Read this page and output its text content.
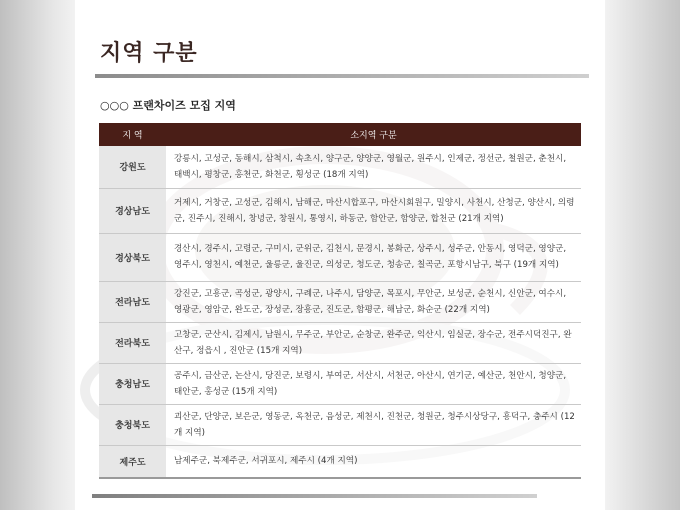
지역 구분
○○○ 프랜차이즈 모집 지역
지 역	소지역 구분
강원도	강릉시, 고성군, 동해시, 삼척시, 속초시, 양구군, 양양군, 영월군, 원주시, 인제군, 정선군, 철원군, 춘천시, 태백시, 평창군, 홍천군, 화천군, 횡성군 (18개 지역)
경상남도	거제시, 거창군, 고성군, 김해시, 남해군, 마산시합포구, 마산시회원구, 밀양시, 사천시, 산청군, 양산시, 의령군, 진주시, 진해시, 창녕군, 창원시, 통영시, 하동군, 함안군, 함양군, 합천군 (21개 지역)
경상북도	경산시, 경주시, 고령군, 구미시, 군위군, 김천시, 문경시, 봉화군, 상주시, 성주군, 안동시, 영덕군, 영양군, 영주시, 영천시, 예천군, 울릉군, 울진군, 의성군, 청도군, 청송군, 칠곡군, 포항시남구, 북구 (19개 지역)
전라남도	강진군, 고흥군, 곡성군, 광양시, 구례군, 나주시, 담양군, 목포시, 무안군, 보성군, 순천시, 신안군, 여수시, 영광군, 영암군, 완도군, 장성군, 장흥군, 진도군, 함평군, 해남군, 화순군 (22개 지역)
전라북도	고창군, 군산시, 김제시, 남원시, 무주군, 부안군, 순창군, 완주군, 익산시, 임실군, 장수군, 전주시덕진구, 완산구, 정읍시 , 진안군 (15개 지역)
충청남도	공주시, 금산군, 논산시, 당진군, 보령시, 부여군, 서산시, 서천군, 아산시, 연기군, 예산군, 천안시, 청양군, 태안군, 홍성군 (15개 지역)
충청북도	괴산군, 단양군, 보은군, 영동군, 옥천군, 음성군, 제천시, 진천군, 청원군, 청주시상당구, 흥덕구, 충주시 (12개 지역)
제주도	남제주군, 북제주군, 서귀포시, 제주시 (4개 지역)
